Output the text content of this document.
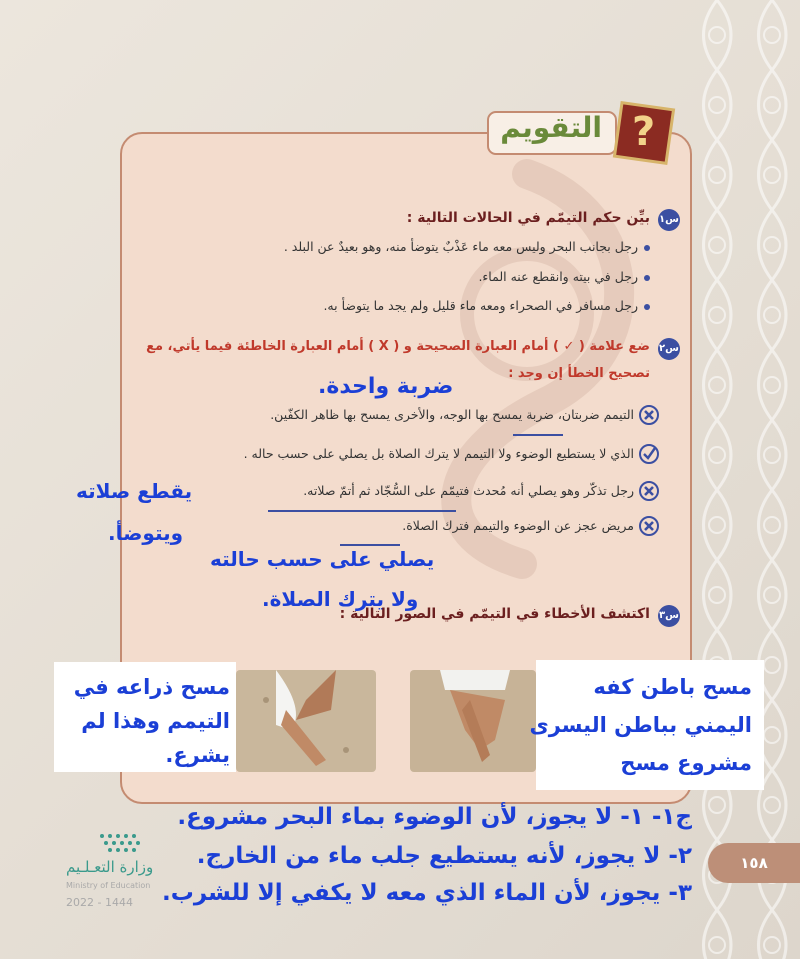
التقويم ?
س١
بيِّن حكم التيمّم في الحالات التالية :
رجل بجانب البحر وليس معه ماء عَذْبٌ يتوضأ منه، وهو بعيدٌ عن البلد .
رجل في بيته وانقطع عنه الماء.
رجل مسافر في الصحراء ومعه ماء قليل ولم يجد ما يتوضأ به.
س٢
ضع علامة ( ✓ ) أمام العبارة الصحيحة و ( X ) أمام العبارة الخاطئة فيما يأتي، مع
تصحيح الخطأ إن وجد :
ضربة واحدة.
التيمم ضربتان، ضربة يمسح بها الوجه، والأخرى يمسح بها ظاهر الكفّين.
الذي لا يستطيع الوضوء ولا التيمم لا يترك الصلاة بل يصلي على حسب حاله .
رجل تذكّر وهو يصلي أنه مُحدث فتيمّم على السُّجّاد ثم أتمّ صلاته.
يقطع صلاته
ويتوضأ.	مريض عجز عن الوضوء والتيمم فترك الصلاة.
يصلي على حسب حالته
ولا يترك الصلاة.
س٣
اكتشف الأخطاء في التيمّم في الصور التالية :
مسح ذراعه في
التيمم وهذا لم
يشرع.
مسح باطن كفه
اليمني بباطن اليسرى
مشروع مسح
ج١- ١- لا يجوز، لأن الوضوء بماء البحر مشروع.
٢- لا يجوز، لأنه يستطيع جلب ماء من الخارج.
٣- يجوز، لأن الماء الذي معه لا يكفي إلا للشرب.
١٥٨
وزارة التعـلـيم
Ministry of Education
2022 - 1444
